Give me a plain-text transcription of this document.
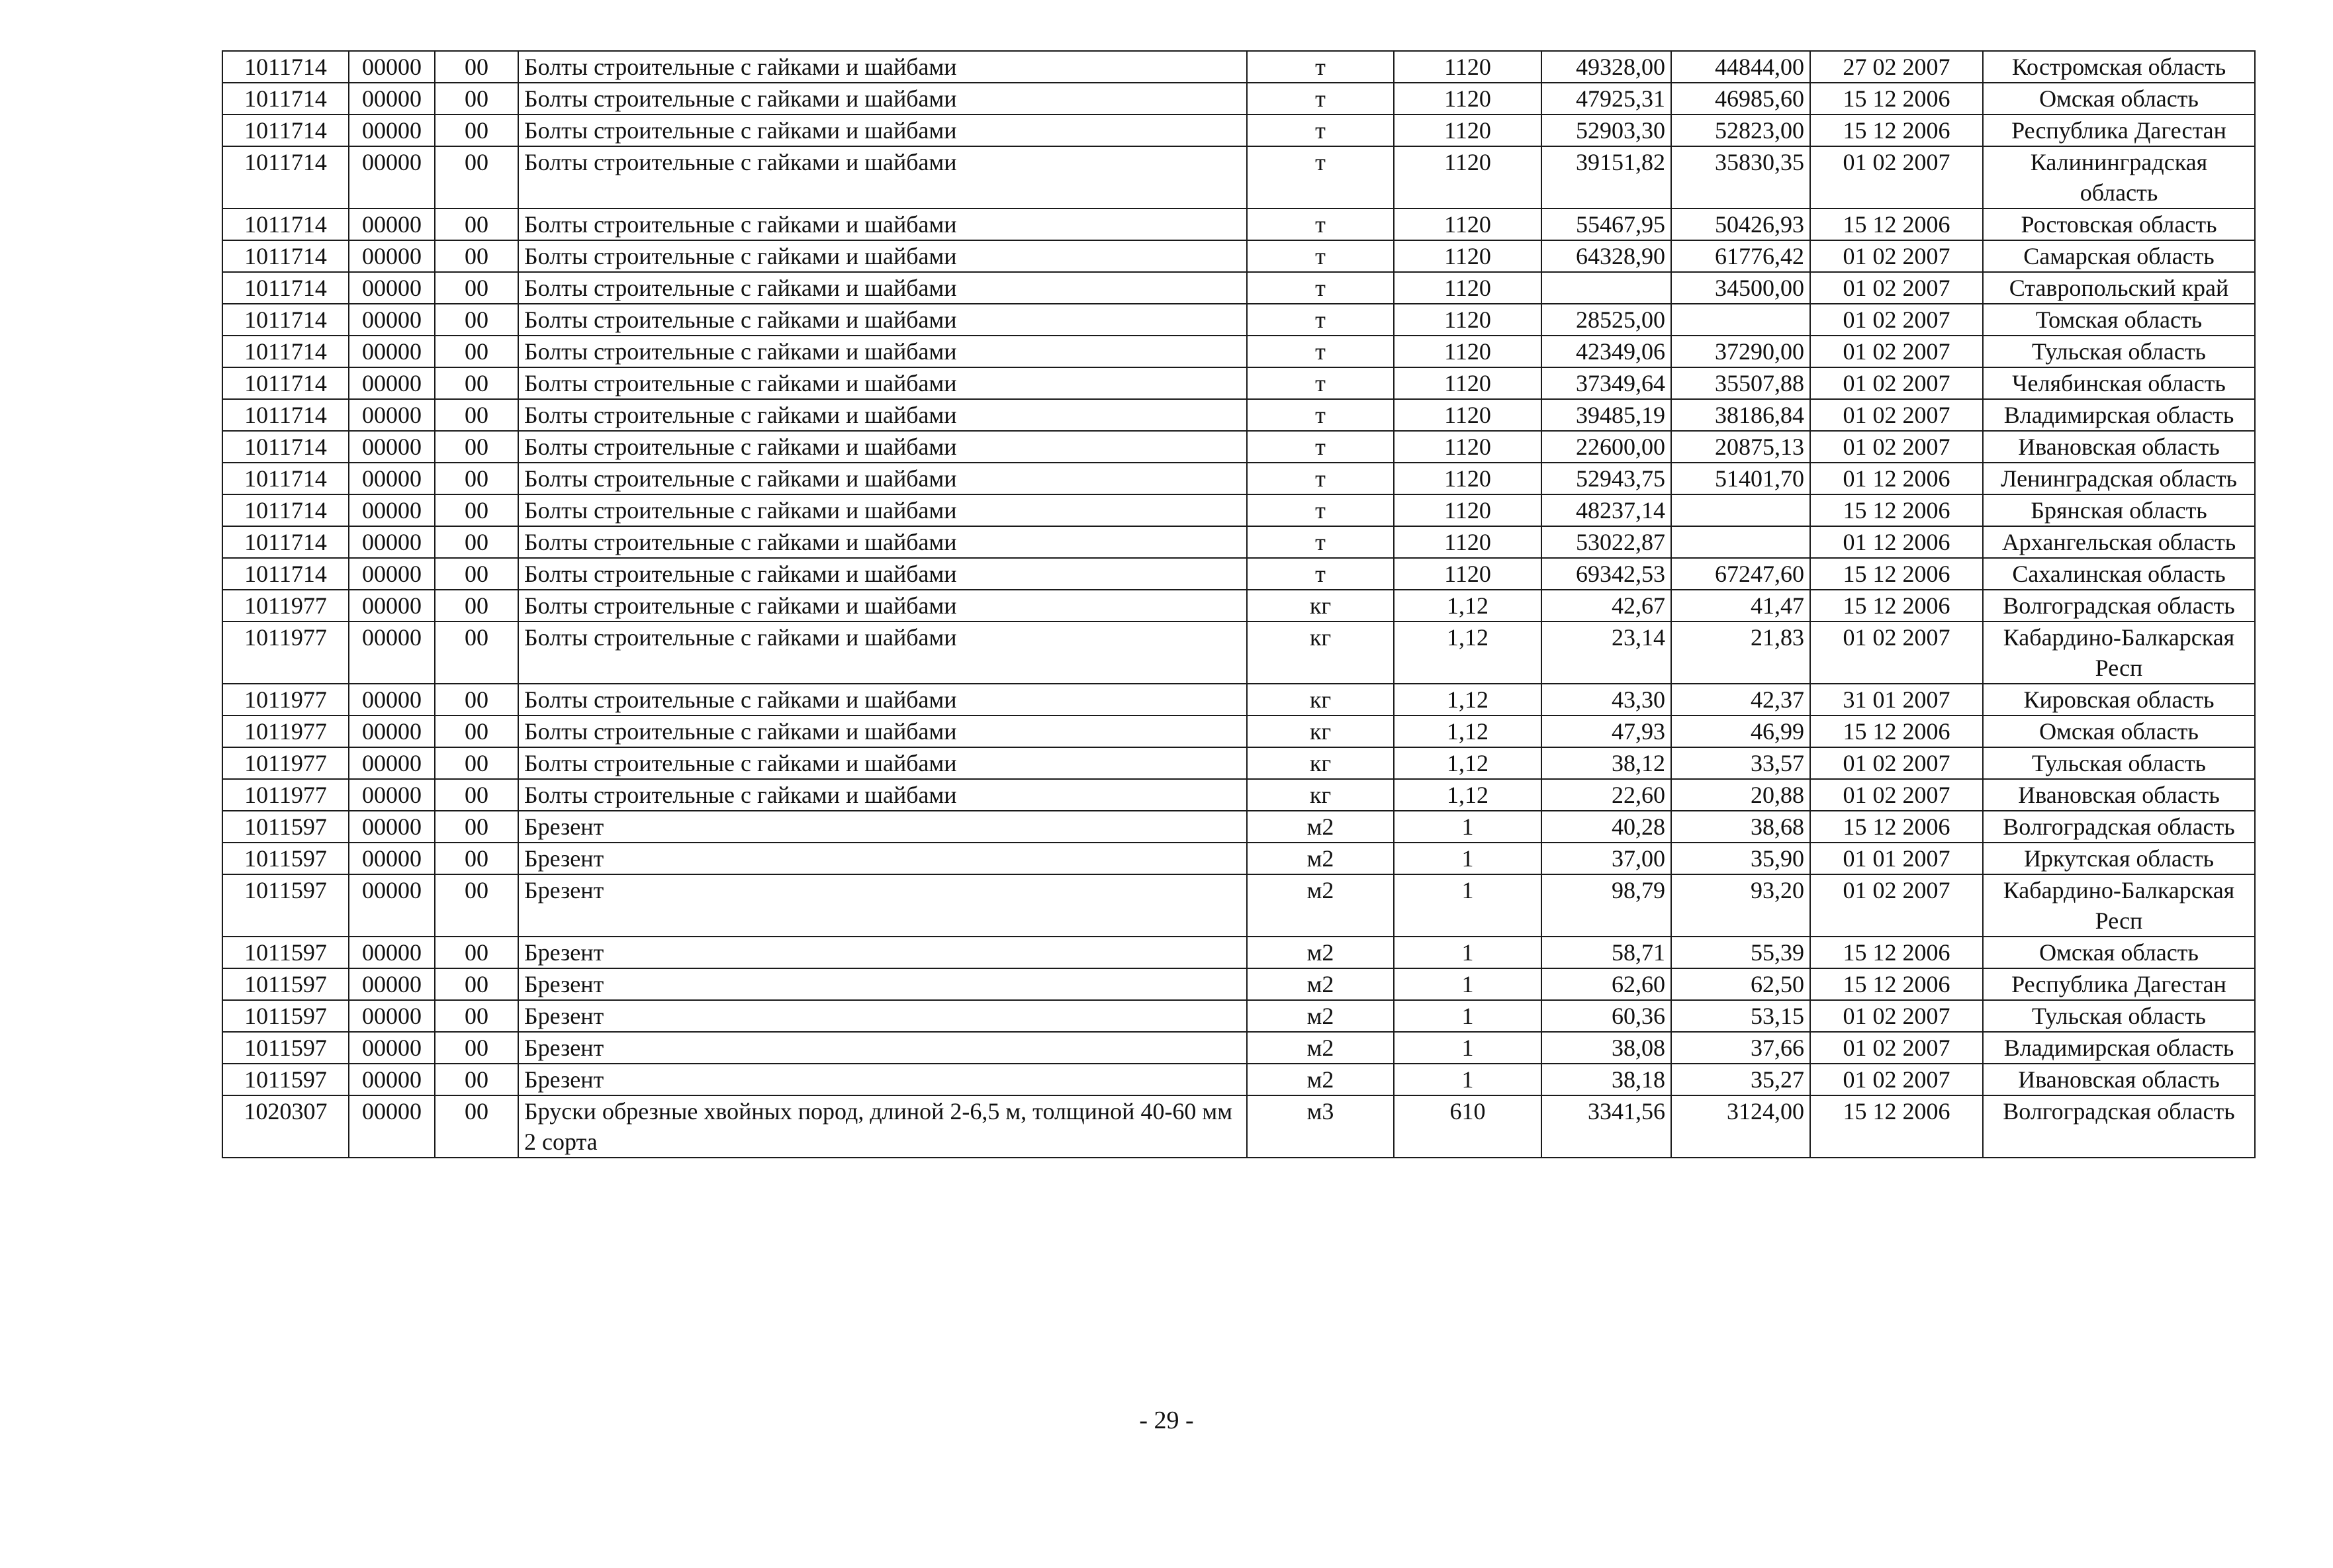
1011714	00000	00	Болты строительные с гайками и шайбами	т	1120	49328,00	44844,00	27 02 2007	Костромская область
1011714	00000	00	Болты строительные с гайками и шайбами	т	1120	47925,31	46985,60	15 12 2006	Омская область
1011714	00000	00	Болты строительные с гайками и шайбами	т	1120	52903,30	52823,00	15 12 2006	Республика Дагестан
1011714	00000	00	Болты строительные с гайками и шайбами	т	1120	39151,82	35830,35	01 02 2007	Калининградская область
1011714	00000	00	Болты строительные с гайками и шайбами	т	1120	55467,95	50426,93	15 12 2006	Ростовская область
1011714	00000	00	Болты строительные с гайками и шайбами	т	1120	64328,90	61776,42	01 02 2007	Самарская область
1011714	00000	00	Болты строительные с гайками и шайбами	т	1120		34500,00	01 02 2007	Ставропольский край
1011714	00000	00	Болты строительные с гайками и шайбами	т	1120	28525,00		01 02 2007	Томская область
1011714	00000	00	Болты строительные с гайками и шайбами	т	1120	42349,06	37290,00	01 02 2007	Тульская область
1011714	00000	00	Болты строительные с гайками и шайбами	т	1120	37349,64	35507,88	01 02 2007	Челябинская область
1011714	00000	00	Болты строительные с гайками и шайбами	т	1120	39485,19	38186,84	01 02 2007	Владимирская область
1011714	00000	00	Болты строительные с гайками и шайбами	т	1120	22600,00	20875,13	01 02 2007	Ивановская область
1011714	00000	00	Болты строительные с гайками и шайбами	т	1120	52943,75	51401,70	01 12 2006	Ленинградская область
1011714	00000	00	Болты строительные с гайками и шайбами	т	1120	48237,14		15 12 2006	Брянская область
1011714	00000	00	Болты строительные с гайками и шайбами	т	1120	53022,87		01 12 2006	Архангельская область
1011714	00000	00	Болты строительные с гайками и шайбами	т	1120	69342,53	67247,60	15 12 2006	Сахалинская область
1011977	00000	00	Болты строительные с гайками и шайбами	кг	1,12	42,67	41,47	15 12 2006	Волгоградская область
1011977	00000	00	Болты строительные с гайками и шайбами	кг	1,12	23,14	21,83	01 02 2007	Кабардино-Балкарская Респ
1011977	00000	00	Болты строительные с гайками и шайбами	кг	1,12	43,30	42,37	31 01 2007	Кировская область
1011977	00000	00	Болты строительные с гайками и шайбами	кг	1,12	47,93	46,99	15 12 2006	Омская область
1011977	00000	00	Болты строительные с гайками и шайбами	кг	1,12	38,12	33,57	01 02 2007	Тульская область
1011977	00000	00	Болты строительные с гайками и шайбами	кг	1,12	22,60	20,88	01 02 2007	Ивановская область
1011597	00000	00	Брезент	м2	1	40,28	38,68	15 12 2006	Волгоградская область
1011597	00000	00	Брезент	м2	1	37,00	35,90	01 01 2007	Иркутская область
1011597	00000	00	Брезент	м2	1	98,79	93,20	01 02 2007	Кабардино-Балкарская Респ
1011597	00000	00	Брезент	м2	1	58,71	55,39	15 12 2006	Омская область
1011597	00000	00	Брезент	м2	1	62,60	62,50	15 12 2006	Республика Дагестан
1011597	00000	00	Брезент	м2	1	60,36	53,15	01 02 2007	Тульская область
1011597	00000	00	Брезент	м2	1	38,08	37,66	01 02 2007	Владимирская область
1011597	00000	00	Брезент	м2	1	38,18	35,27	01 02 2007	Ивановская область
1020307	00000	00	Бруски обрезные хвойных пород, длиной 2-6,5 м, толщиной 40-60 мм 2 сорта	м3	610	3341,56	3124,00	15 12 2006	Волгоградская область
- 29 -
